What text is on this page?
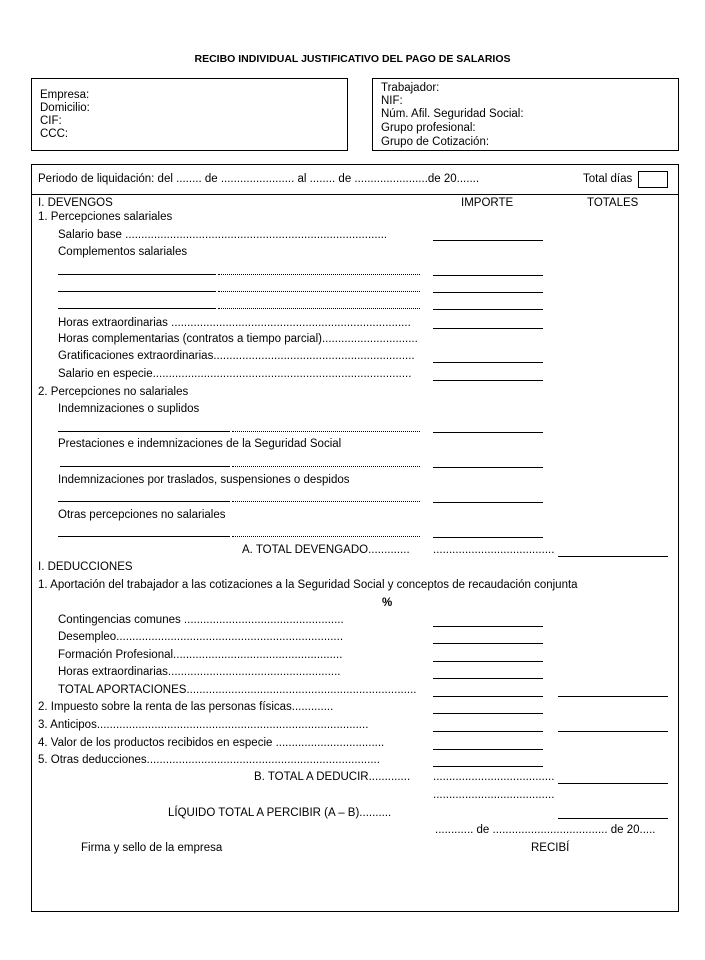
RECIBO INDIVIDUAL JUSTIFICATIVO DEL PAGO DE SALARIOS
Empresa:
Domicilio:
CIF:
CCC:
Trabajador:
NIF:
Núm. Afil. Seguridad Social:
Grupo profesional:
Grupo de Cotización:
Periodo de liquidación: del ........ de ....................... al ........ de .......................de 20.......	Total días
I. DEVENGOS	IMPORTE	TOTALES
1. Percepciones salariales
Salario base ..................................................................................
Complementos salariales
Horas extraordinarias ...........................................................................
Horas complementarias (contratos a tiempo parcial)..............................
Gratificaciones extraordinarias...............................................................
Salario en especie.................................................................................
2. Percepciones no salariales
Indemnizaciones o suplidos
Prestaciones e indemnizaciones de la Seguridad Social
Indemnizaciones por traslados, suspensiones o despidos
Otras percepciones no salariales
A. TOTAL DEVENGADO............. ......................................
I. DEDUCCIONES
1. Aportación del trabajador a las cotizaciones a la Seguridad Social y conceptos de recaudación conjunta
%
Contingencias comunes ..................................................
Desempleo.......................................................................
Formación Profesional.....................................................
Horas extraordinarias......................................................
TOTAL APORTACIONES........................................................................
2. Impuesto sobre la renta de las personas físicas.............
3. Anticipos.....................................................................................
4. Valor de los productos recibidos en especie ..................................
5. Otras deducciones.........................................................................
B. TOTAL A DEDUCIR............. ......................................
......................................
LÍQUIDO TOTAL A PERCIBIR (A – B)..........
............ de .................................... de 20.....
Firma y sello de la empresa	RECIBÍ
